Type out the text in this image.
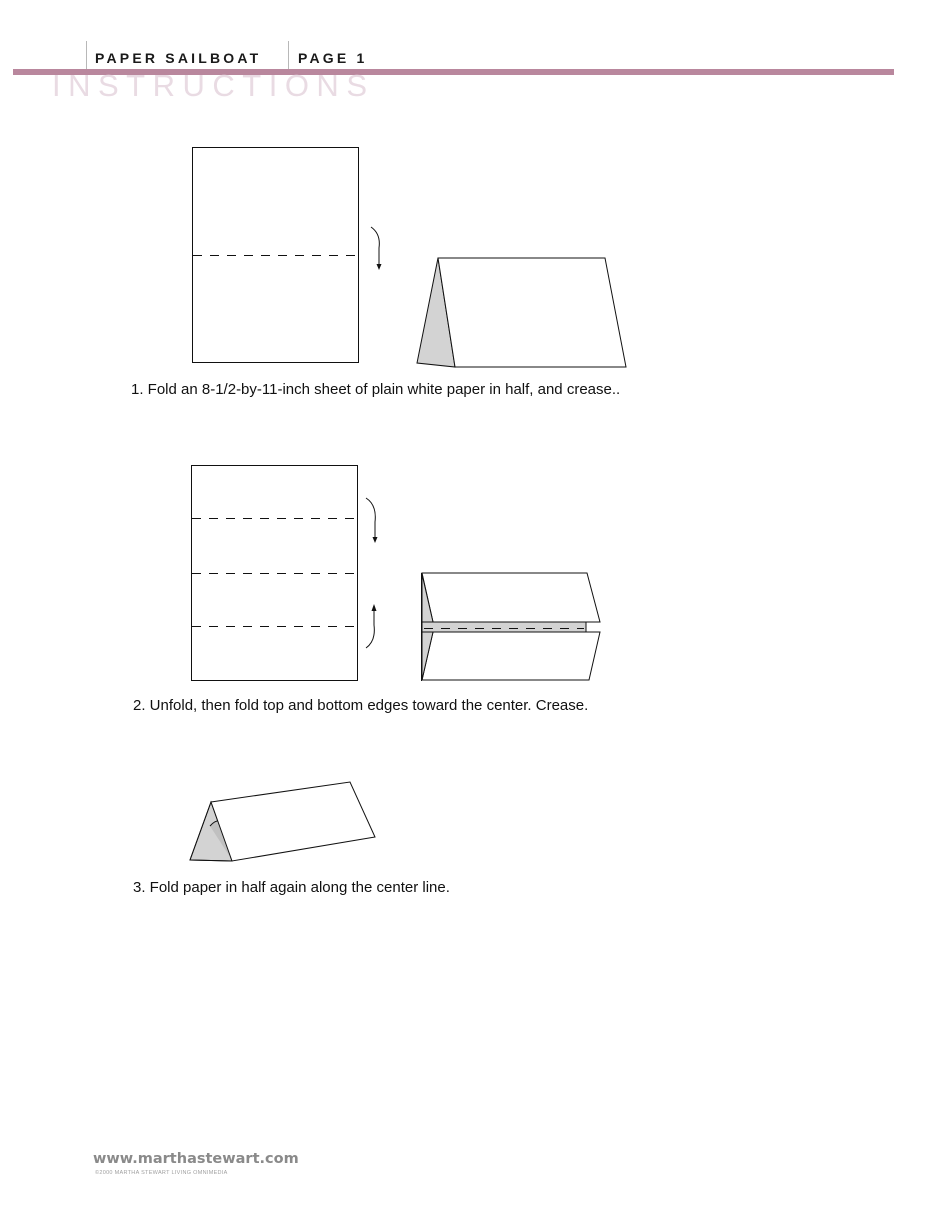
PAPER SAILBOAT	PAGE 1
INSTRUCTIONS
1. Fold an 8-1/2-by-11-inch sheet of plain white paper in half, and crease..
2. Unfold, then fold top and bottom edges toward the center. Crease.
3. Fold paper in half again along the center line.
www.marthastewart.com
©2000 MARTHA STEWART LIVING OMNIMEDIA
